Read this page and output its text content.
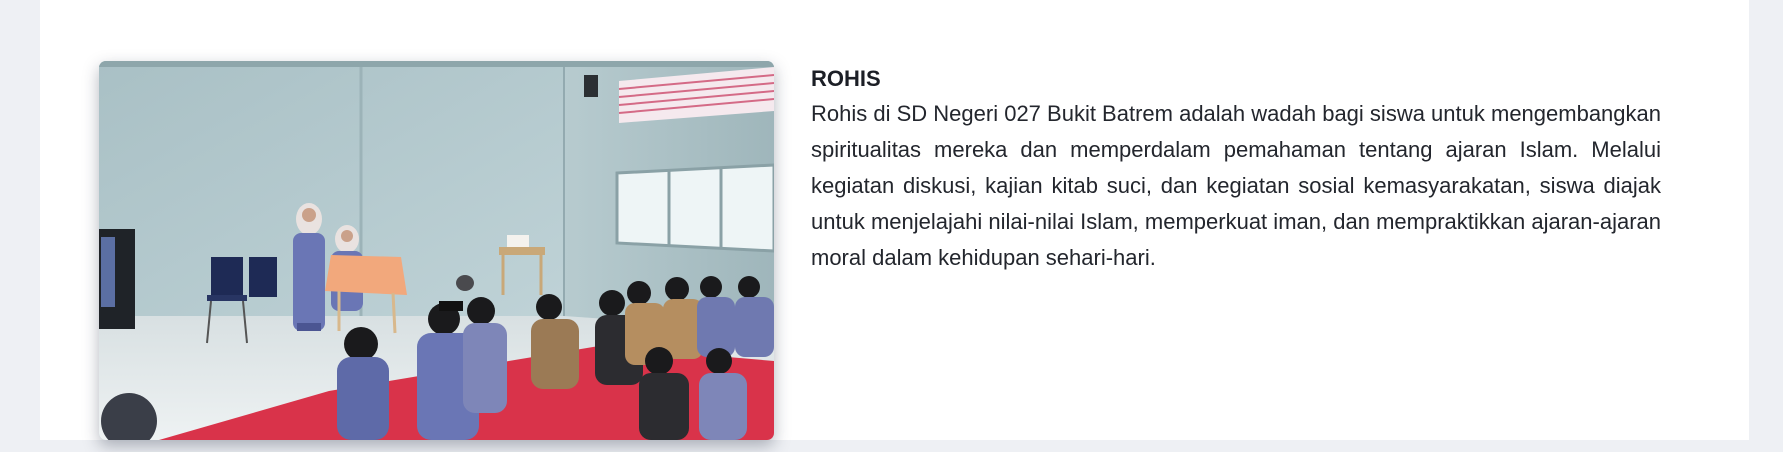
ROHIS

Rohis di SD Negeri 027 Bukit Batrem adalah wadah bagi siswa untuk mengembangkan spiritualitas mereka dan memperdalam pemahaman tentang ajaran Islam. Melalui kegiatan diskusi, kajian kitab suci, dan kegiatan sosial kemasyarakatan, siswa diajak untuk menjelajahi nilai-nilai Islam, memperkuat iman, dan mempraktikkan ajaran-ajaran moral dalam kehidupan sehari-hari.
